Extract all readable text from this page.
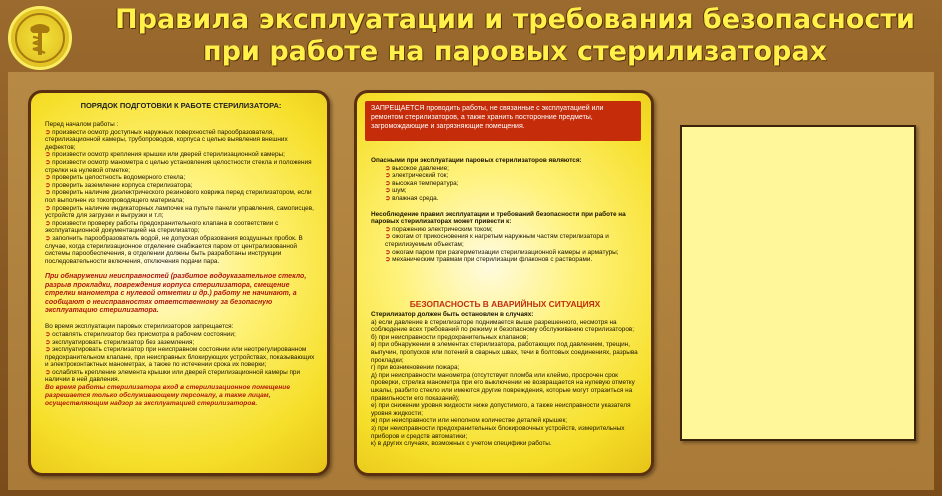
Правила эксплуатации и требования безопасности
при работе на паровых стерилизаторах
ПОРЯДОК ПОДГОТОВКИ К РАБОТЕ СТЕРИЛИЗАТОРА:
Перед началом работы :
➲ произвести осмотр доступных наружных поверхностей парообразователя, стерилизационной камеры, трубопроводов, корпуса с целью выявления внешних дефектов;
➲ произвести осмотр крепления крышки или дверей стерилизационной камеры;
➲ произвести осмотр манометра с целью установления целостности стекла и положения стрелки на нулевой отметке;
➲ проверить целостность водомерного стекла;
➲ проверить заземление корпуса стерилизатора;
➲ проверить наличие диэлектрического резинового коврика перед стерилизатором, если пол выполнен из токопроводящего материала;
➲ проверить наличие индикаторных лампочек на пульте панели управления, самописцев, устройств для загрузки и выгрузки и т.п;
➲ произвести проверку работы предохранительного клапана в соответствии с эксплуатационной документацией на стерилизатор;
➲ заполнить парообразователь водой, не допуская образования воздушных пробок. В случае, когда стерилизационное отделение снабжается паром от централизованной системы парообеспечения, в отделении должны быть разработаны инструкции последовательности включения, отключения подачи пара.
При обнаружении неисправностей (разбитое водоуказательное стекло, разрыв прокладки, повреждения корпуса стерилизатора, смещение стрелки манометра с нулевой отметки и др.) работу не начинают, а сообщают о неисправностях ответственному за безопасную эксплуатацию стерилизатора.
Во время эксплуатации паровых стерилизаторов запрещается:
➲ оставлять стерилизатор без присмотра в рабочем состоянии;
➲ эксплуатировать стерилизатор без заземления;
➲ эксплуатировать стерилизатор при неисправном состоянии или неотрегулированном предохранительном клапане, при неисправных блокирующих устройствах, показывающих и электроконтактных манометрах, а также по истечении срока их поверки;
➲ ослаблять крепление элемента крышки или дверей стерилизационной камеры при наличии в ней давления.
Во время работы стерилизатора вход в стерилизационное помещение разрешается только обслуживающему персоналу, а также лицам, осуществляющим надзор за эксплуатацией стерилизаторов.
ЗАПРЕЩАЕТСЯ проводить работы, не связанные с эксплуатацией или ремонтом стерилизаторов, а также хранить посторонние предметы, загромождающие и загрязняющие помещения.
Опасными при эксплуатации паровых стерилизаторов являются:
➲ высокое давление;
➲ электрический ток;
➲ высокая температура;
➲ шум;
➲ влажная среда.
Несоблюдение правил эксплуатации и требований безопасности при работе на паровых стерилизаторах может привести к:
➲ поражению электрическим током;
➲ ожогам от прикосновения к нагретым наружным частям стерилизатора и стерилизуемым объектам;
➲ ожогам паром при разгерметизации стерилизационной камеры и арматуры;
➲ механическим травмам при стерилизации флаконов с растворами.
БЕЗОПАСНОСТЬ В АВАРИЙНЫХ СИТУАЦИЯХ
Стерилизатор должен быть остановлен в случаях:
а) если давление в стерилизаторе поднимается выше разрешенного, несмотря на соблюдение всех требований по режиму и безопасному обслуживанию стерилизаторов;
б) при неисправности предохранительных клапанов;
в) при обнаружении в элементах стерилизатора, работающих под давлением, трещин, выпучин, пропусков или потений в сварных швах, течи в болтовых соединениях, разрыва прокладки;
г) при возникновении пожара;
д) при неисправности манометра (отсутствует пломба или клеймо, просрочен срок проверки, стрелка манометра при его выключении не возвращается на нулевую отметку шкалы, разбито стекло или имеются другие повреждения, которые могут отразиться на правильности его показаний);
е) при снижении уровня жидкости ниже допустимого, а также неисправности указателя уровня жидкости;
ж) при неисправности или неполном количестве деталей крышек;
з) при неисправности предохранительных блокировочных устройств, измерительных приборов и средств автоматики;
к) в других случаях, возможных с учетом специфики работы.
